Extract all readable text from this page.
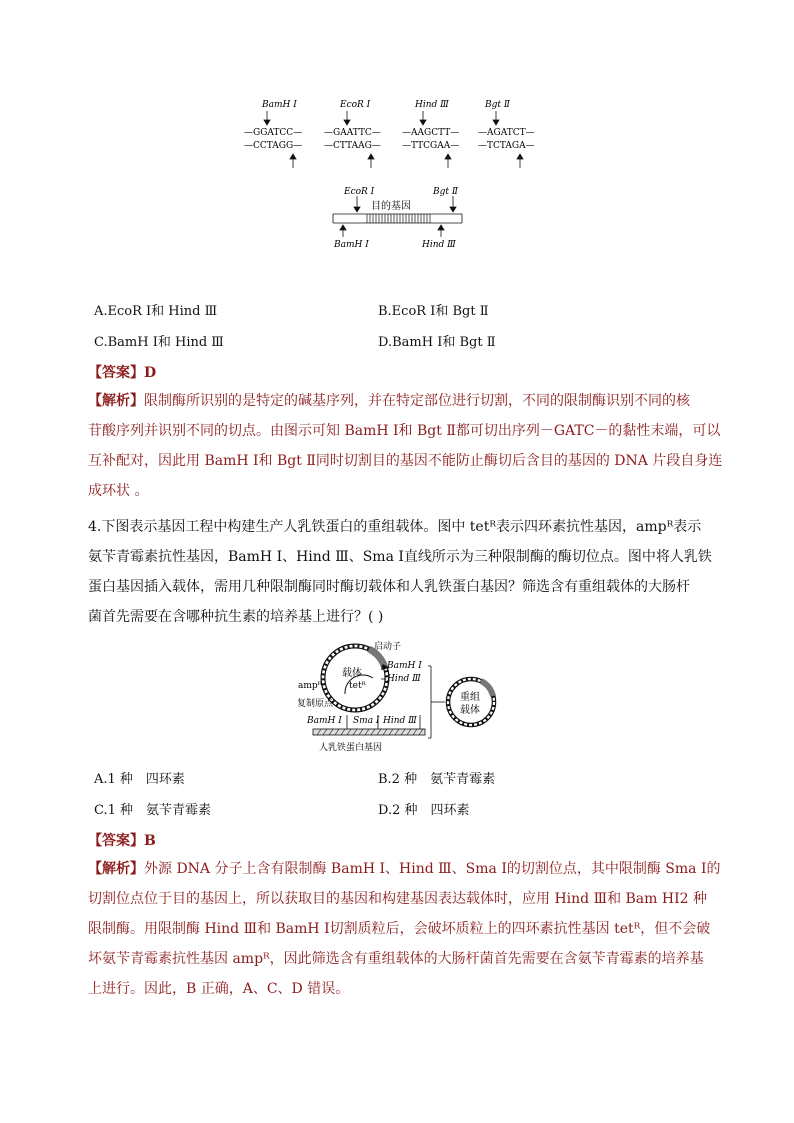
BamH Ⅰ	EcoR Ⅰ	Hind Ⅲ	Bgt Ⅱ
—GGATCC— —GAATTC— —AAGCTT— —AGATCT—
—CCTAGG— —CTTAAG— —TTCGAA— —TCTAGA—
EcoR Ⅰ	Bgt Ⅱ
BamH Ⅰ	Hind Ⅲ
目的基因
A.EcoR Ⅰ和 Hind Ⅲ	B.EcoR Ⅰ和 Bgt Ⅱ
C.BamH Ⅰ和 Hind Ⅲ	D.BamH Ⅰ和 Bgt Ⅱ
【答案】D
【解析】限制酶所识别的是特定的碱基序列，并在特定部位进行切割，不同的限制酶识别不同的核
苷酸序列并识别不同的切点。由图示可知 BamH Ⅰ和 Bgt Ⅱ都可切出序列－GATC－的黏性末端，可以
互补配对，因此用 BamH Ⅰ和 Bgt Ⅱ同时切割目的基因不能防止酶切后含目的基因的 DNA 片段自身连
成环状 。
4.下图表示基因工程中构建生产人乳铁蛋白的重组载体。图中 tetᴿ表示四环素抗性基因，ampᴿ表示
氨苄青霉素抗性基因，BamH Ⅰ、Hind Ⅲ、Sma Ⅰ直线所示为三种限制酶的酶切位点。图中将人乳铁
蛋白基因插入载体，需用几种限制酶同时酶切载体和人乳铁蛋白基因？筛选含有重组载体的大肠杆
菌首先需要在含哪种抗生素的培养基上进行？( )
启动子
载体
tetᴿ
ampᴿ
复制原点
BamH Ⅰ
Hind Ⅲ
重组
载体
BamH Ⅰ Sma Ⅰ Hind Ⅲ
人乳铁蛋白基因
A.1 种　四环素	B.2 种　氨苄青霉素
C.1 种　氨苄青霉素	D.2 种　四环素
【答案】B
【解析】外源 DNA 分子上含有限制酶 BamH Ⅰ、Hind Ⅲ、Sma Ⅰ的切割位点，其中限制酶 Sma Ⅰ的
切割位点位于目的基因上，所以获取目的基因和构建基因表达载体时，应用 Hind Ⅲ和 Bam HⅠ2 种
限制酶。用限制酶 Hind Ⅲ和 BamH Ⅰ切割质粒后，会破坏质粒上的四环素抗性基因 tetᴿ，但不会破
坏氨苄青霉素抗性基因 ampᴿ，因此筛选含有重组载体的大肠杆菌首先需要在含氨苄青霉素的培养基
上进行。因此，B 正确，A、C、D 错误。
